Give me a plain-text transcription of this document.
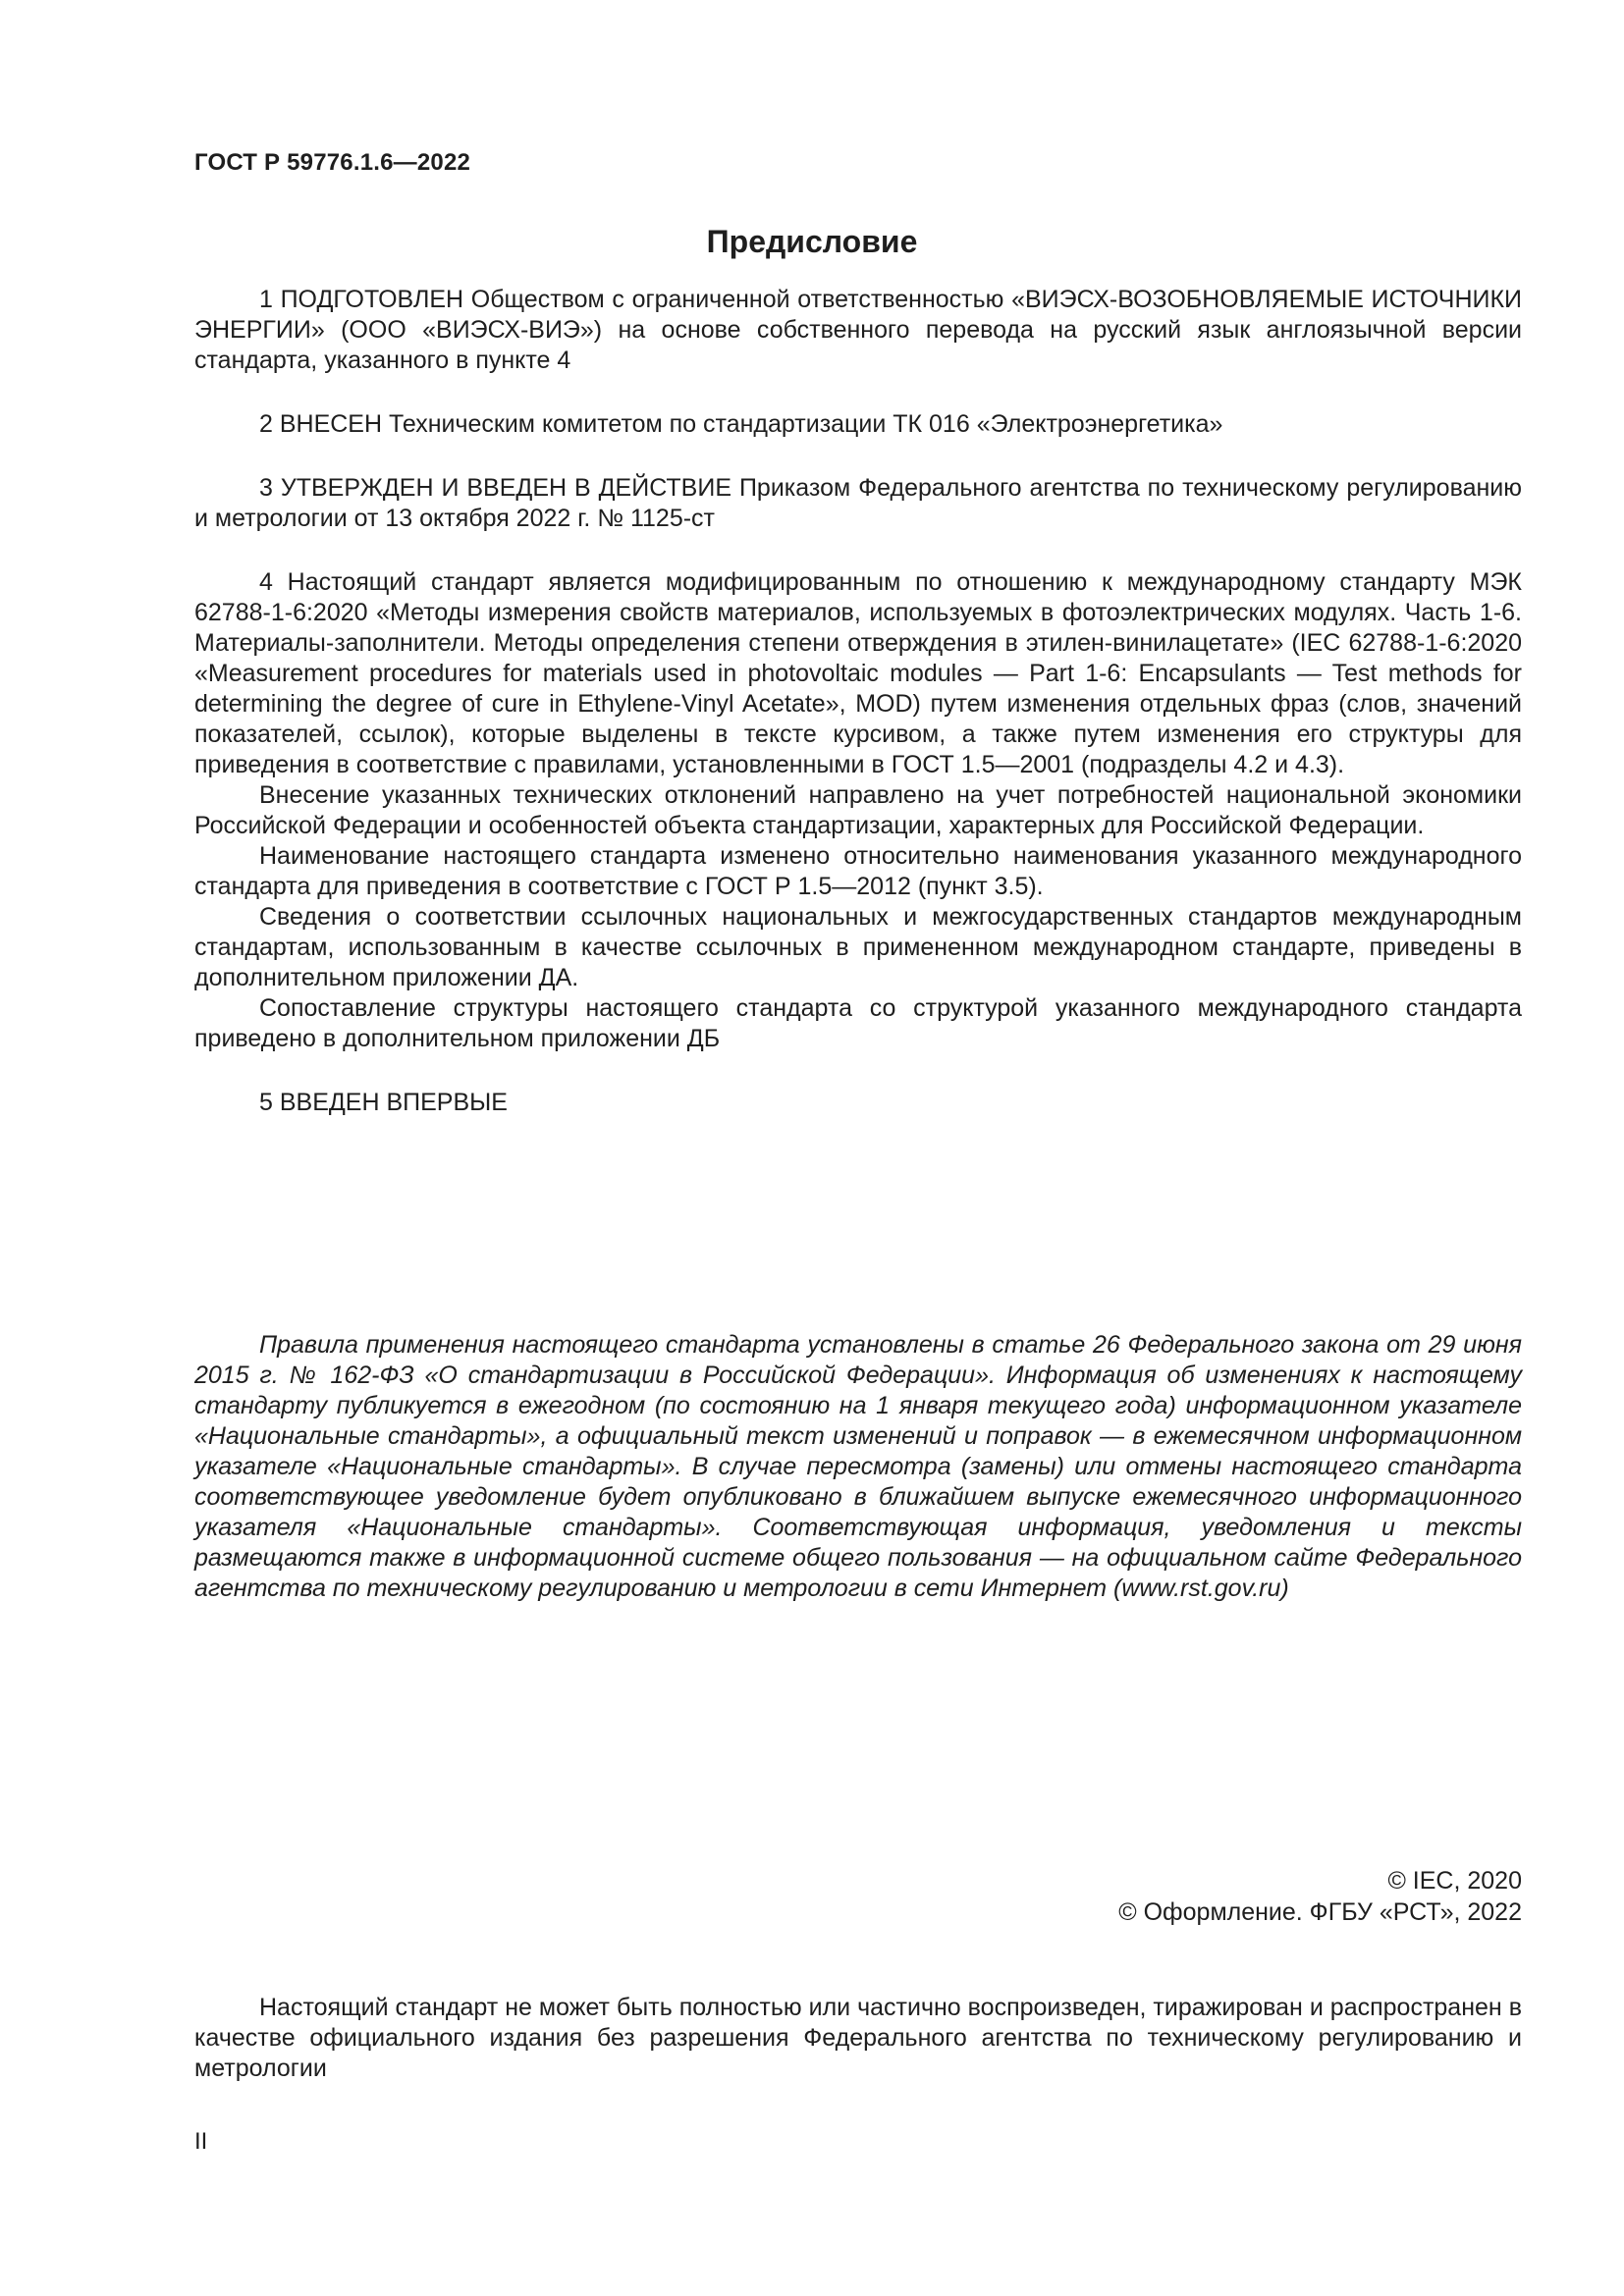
ГОСТ Р 59776.1.6—2022
Предисловие

1 ПОДГОТОВЛЕН Обществом с ограниченной ответственностью «ВИЭСХ-ВОЗОБНОВЛЯЕМЫЕ ИСТОЧНИКИ ЭНЕРГИИ» (ООО «ВИЭСХ-ВИЭ») на основе собственного перевода на русский язык англоязычной версии стандарта, указанного в пункте 4

2 ВНЕСЕН Техническим комитетом по стандартизации ТК 016 «Электроэнергетика»

3 УТВЕРЖДЕН И ВВЕДЕН В ДЕЙСТВИЕ Приказом Федерального агентства по техническому регулированию и метрологии от 13 октября 2022 г. № 1125-ст

4 Настоящий стандарт является модифицированным по отношению к международному стандарту МЭК 62788-1-6:2020 «Методы измерения свойств материалов, используемых в фотоэлектрических модулях. Часть 1-6. Материалы-заполнители. Методы определения степени отверждения в этилен-винилацетате» (IEC 62788-1-6:2020 «Measurement procedures for materials used in photovoltaic modules — Part 1-6: Encapsulants — Test methods for determining the degree of cure in Ethylene-Vinyl Acetate», MOD) путем изменения отдельных фраз (слов, значений показателей, ссылок), которые выделены в тексте курсивом, а также путем изменения его структуры для приведения в соответствие с правилами, установленными в ГОСТ 1.5—2001 (подразделы 4.2 и 4.3).

Внесение указанных технических отклонений направлено на учет потребностей национальной экономики Российской Федерации и особенностей объекта стандартизации, характерных для Российской Федерации.

Наименование настоящего стандарта изменено относительно наименования указанного международного стандарта для приведения в соответствие с ГОСТ Р 1.5—2012 (пункт 3.5).

Сведения о соответствии ссылочных национальных и межгосударственных стандартов международным стандартам, использованным в качестве ссылочных в примененном международном стандарте, приведены в дополнительном приложении ДА.

Сопоставление структуры настоящего стандарта со структурой указанного международного стандарта приведено в дополнительном приложении ДБ

5 ВВЕДЕН ВПЕРВЫЕ

Правила применения настоящего стандарта установлены в статье 26 Федерального закона от 29 июня 2015 г. № 162-ФЗ «О стандартизации в Российской Федерации». Информация об изменениях к настоящему стандарту публикуется в ежегодном (по состоянию на 1 января текущего года) информационном указателе «Национальные стандарты», а официальный текст изменений и поправок — в ежемесячном информационном указателе «Национальные стандарты». В случае пересмотра (замены) или отмены настоящего стандарта соответствующее уведомление будет опубликовано в ближайшем выпуске ежемесячного информационного указателя «Национальные стандарты». Соответствующая информация, уведомления и тексты размещаются также в информационной системе общего пользования — на официальном сайте Федерального агентства по техническому регулированию и метрологии в сети Интернет (www.rst.gov.ru)

© IEC, 2020
© Оформление. ФГБУ «РСТ», 2022

Настоящий стандарт не может быть полностью или частично воспроизведен, тиражирован и распространен в качестве официального издания без разрешения Федерального агентства по техническому регулированию и метрологии

II
